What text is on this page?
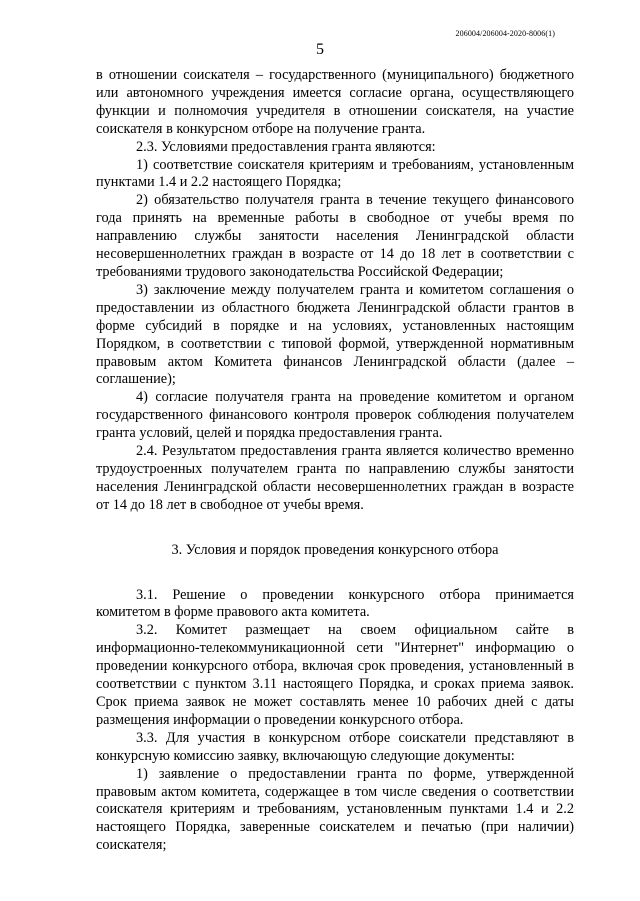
206004/206004-2020-8006(1)
5

в отношении соискателя – государственного (муниципального) бюджетного или автономного учреждения имеется согласие органа, осуществляющего функции и полномочия учредителя в отношении соискателя, на участие соискателя в конкурсном отборе на получение гранта.

2.3. Условиями предоставления гранта являются:

1) соответствие соискателя критериям и требованиям, установленным пунктами 1.4 и 2.2 настоящего Порядка;

2) обязательство получателя гранта в течение текущего финансового года принять на временные работы в свободное от учебы время по направлению службы занятости населения Ленинградской области несовершеннолетних граждан в возрасте от 14 до 18 лет в соответствии с требованиями трудового законодательства Российской Федерации;

3) заключение между получателем гранта и комитетом соглашения о предоставлении из областного бюджета Ленинградской области грантов в форме субсидий в порядке и на условиях, установленных настоящим Порядком, в соответствии с типовой формой, утвержденной нормативным правовым актом Комитета финансов Ленинградской области (далее – соглашение);

4) согласие получателя гранта на проведение комитетом и органом государственного финансового контроля проверок соблюдения получателем гранта условий, целей и порядка предоставления гранта.

2.4. Результатом предоставления гранта является количество временно трудоустроенных получателем гранта по направлению службы занятости населения Ленинградской области несовершеннолетних граждан в возрасте от 14 до 18 лет в свободное от учебы время.

3. Условия и порядок проведения конкурсного отбора

3.1. Решение о проведении конкурсного отбора принимается комитетом в форме правового акта комитета.

3.2. Комитет размещает на своем официальном сайте в информационно-телекоммуникационной сети "Интернет" информацию о проведении конкурсного отбора, включая срок проведения, установленный в соответствии с пунктом 3.11 настоящего Порядка, и сроках приема заявок. Срок приема заявок не может составлять менее 10 рабочих дней с даты размещения информации о проведении конкурсного отбора.

3.3. Для участия в конкурсном отборе соискатели представляют в конкурсную комиссию заявку, включающую следующие документы:

1) заявление о предоставлении гранта по форме, утвержденной правовым актом комитета, содержащее в том числе сведения о соответствии соискателя критериям и требованиям, установленным пунктами 1.4 и 2.2 настоящего Порядка, заверенные соискателем и печатью (при наличии) соискателя;
